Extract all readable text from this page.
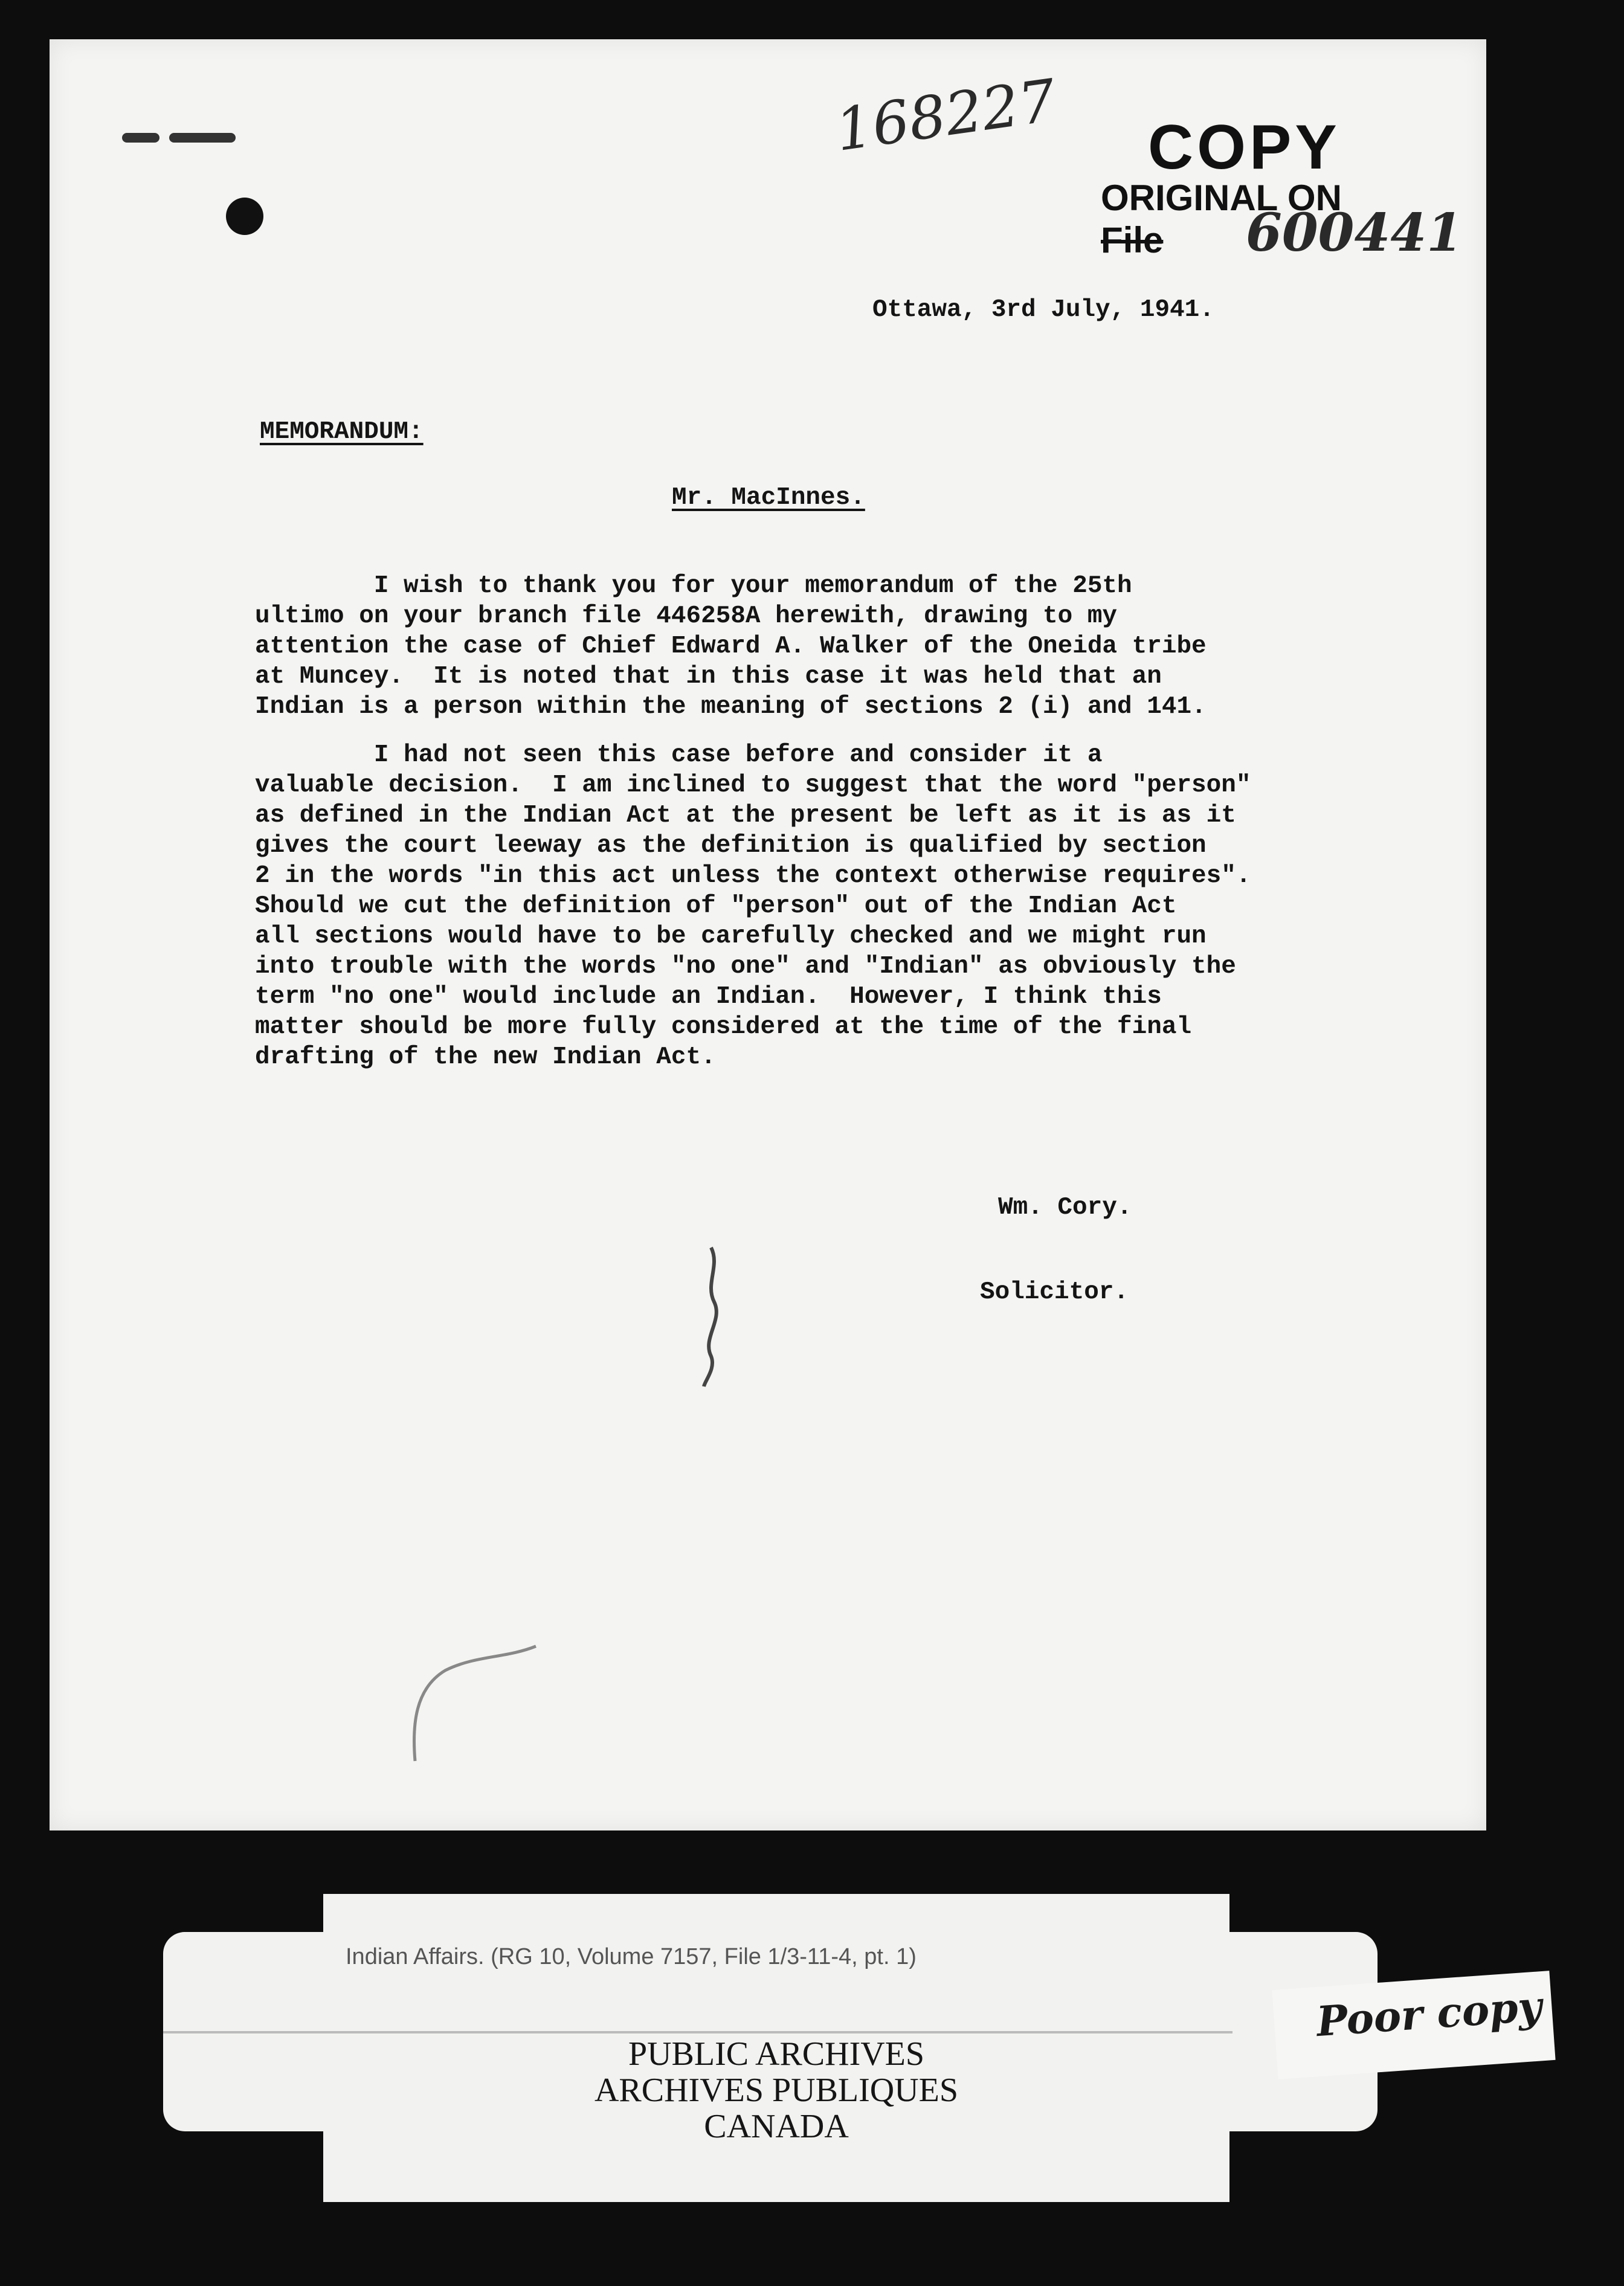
168227 COPY
ORIGINAL ON
File 600441
Ottawa, 3rd July, 1941.
MEMORANDUM:
Mr. MacInnes.
I wish to thank you for your memorandum of the 25th
ultimo on your branch file 446258A herewith, drawing to my
attention the case of Chief Edward A. Walker of the Oneida tribe
at Muncey.  It is noted that in this case it was held that an
Indian is a person within the meaning of sections 2 (i) and 141.
I had not seen this case before and consider it a
valuable decision.  I am inclined to suggest that the word "person"
as defined in the Indian Act at the present be left as it is as it
gives the court leeway as the definition is qualified by section
2 in the words "in this act unless the context otherwise requires".
Should we cut the definition of "person" out of the Indian Act
all sections would have to be carefully checked and we might run
into trouble with the words "no one" and "Indian" as obviously the
term "no one" would include an Indian.  However, I think this
matter should be more fully considered at the time of the final
drafting of the new Indian Act.
Wm. Cory.
Solicitor.
Indian Affairs. (RG 10, Volume 7157, File 1/3-11-4, pt. 1)
PUBLIC ARCHIVES
ARCHIVES PUBLIQUES
CANADA
Poor copy
